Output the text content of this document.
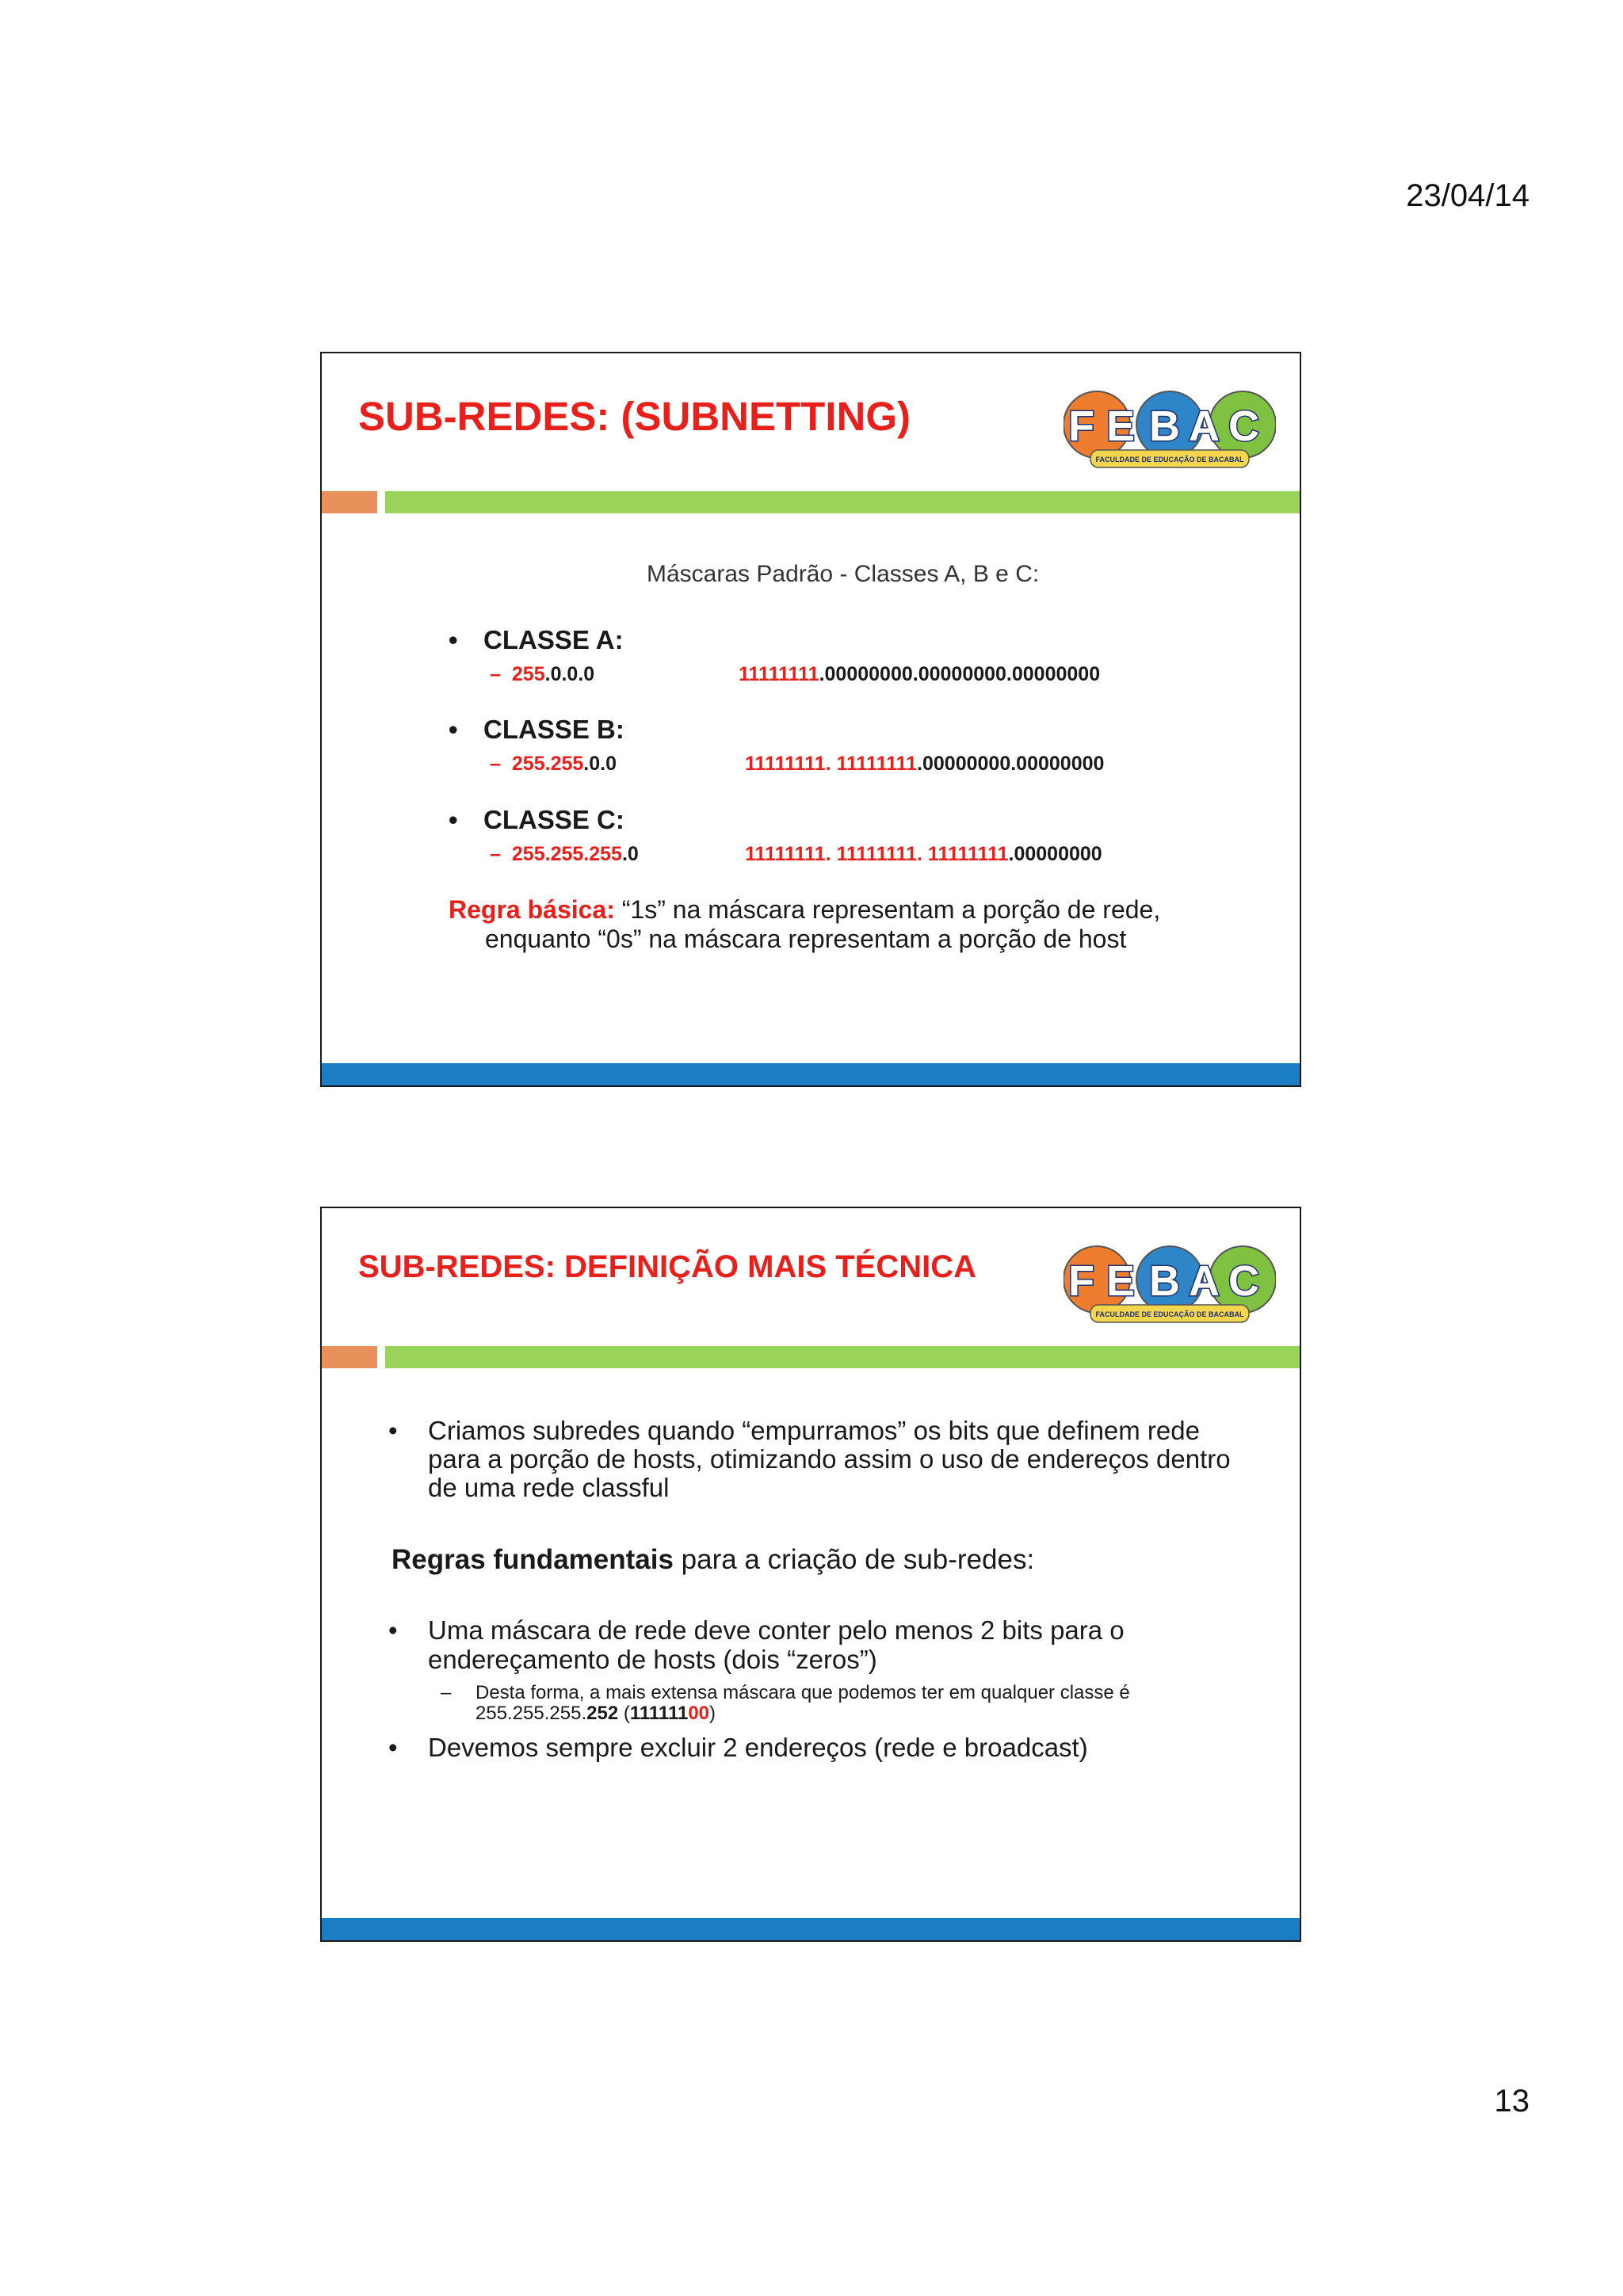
23/04/14
SUB-REDES: (SUBNETTING)	F E B A C
FACULDADE DE EDUCAÇÃO DE BACABAL
Máscaras Padrão - Classes A, B e C:
• CLASSE A:
– 255.0.0.0	11111111.00000000.00000000.00000000
• CLASSE B:
– 255.255.0.0	11111111. 11111111.00000000.00000000
• CLASSE C:
– 255.255.255.0	11111111. 11111111. 11111111.00000000
Regra básica: “1s” na máscara representam a porção de rede,
enquanto “0s” na máscara representam a porção de host
SUB-REDES: DEFINIÇÃO MAIS TÉCNICA F E B A C
FACULDADE DE EDUCAÇÃO DE BACABAL
• Criamos subredes quando “empurramos” os bits que definem rede
para a porção de hosts, otimizando assim o uso de endereços dentro
de uma rede classful
Regras fundamentais para a criação de sub-redes:
• Uma máscara de rede deve conter pelo menos 2 bits para o
endereçamento de hosts (dois “zeros”)
– Desta forma, a mais extensa máscara que podemos ter em qualquer classe é
255.255.255.252 (11111100)
• Devemos sempre excluir 2 endereços (rede e broadcast)
13
